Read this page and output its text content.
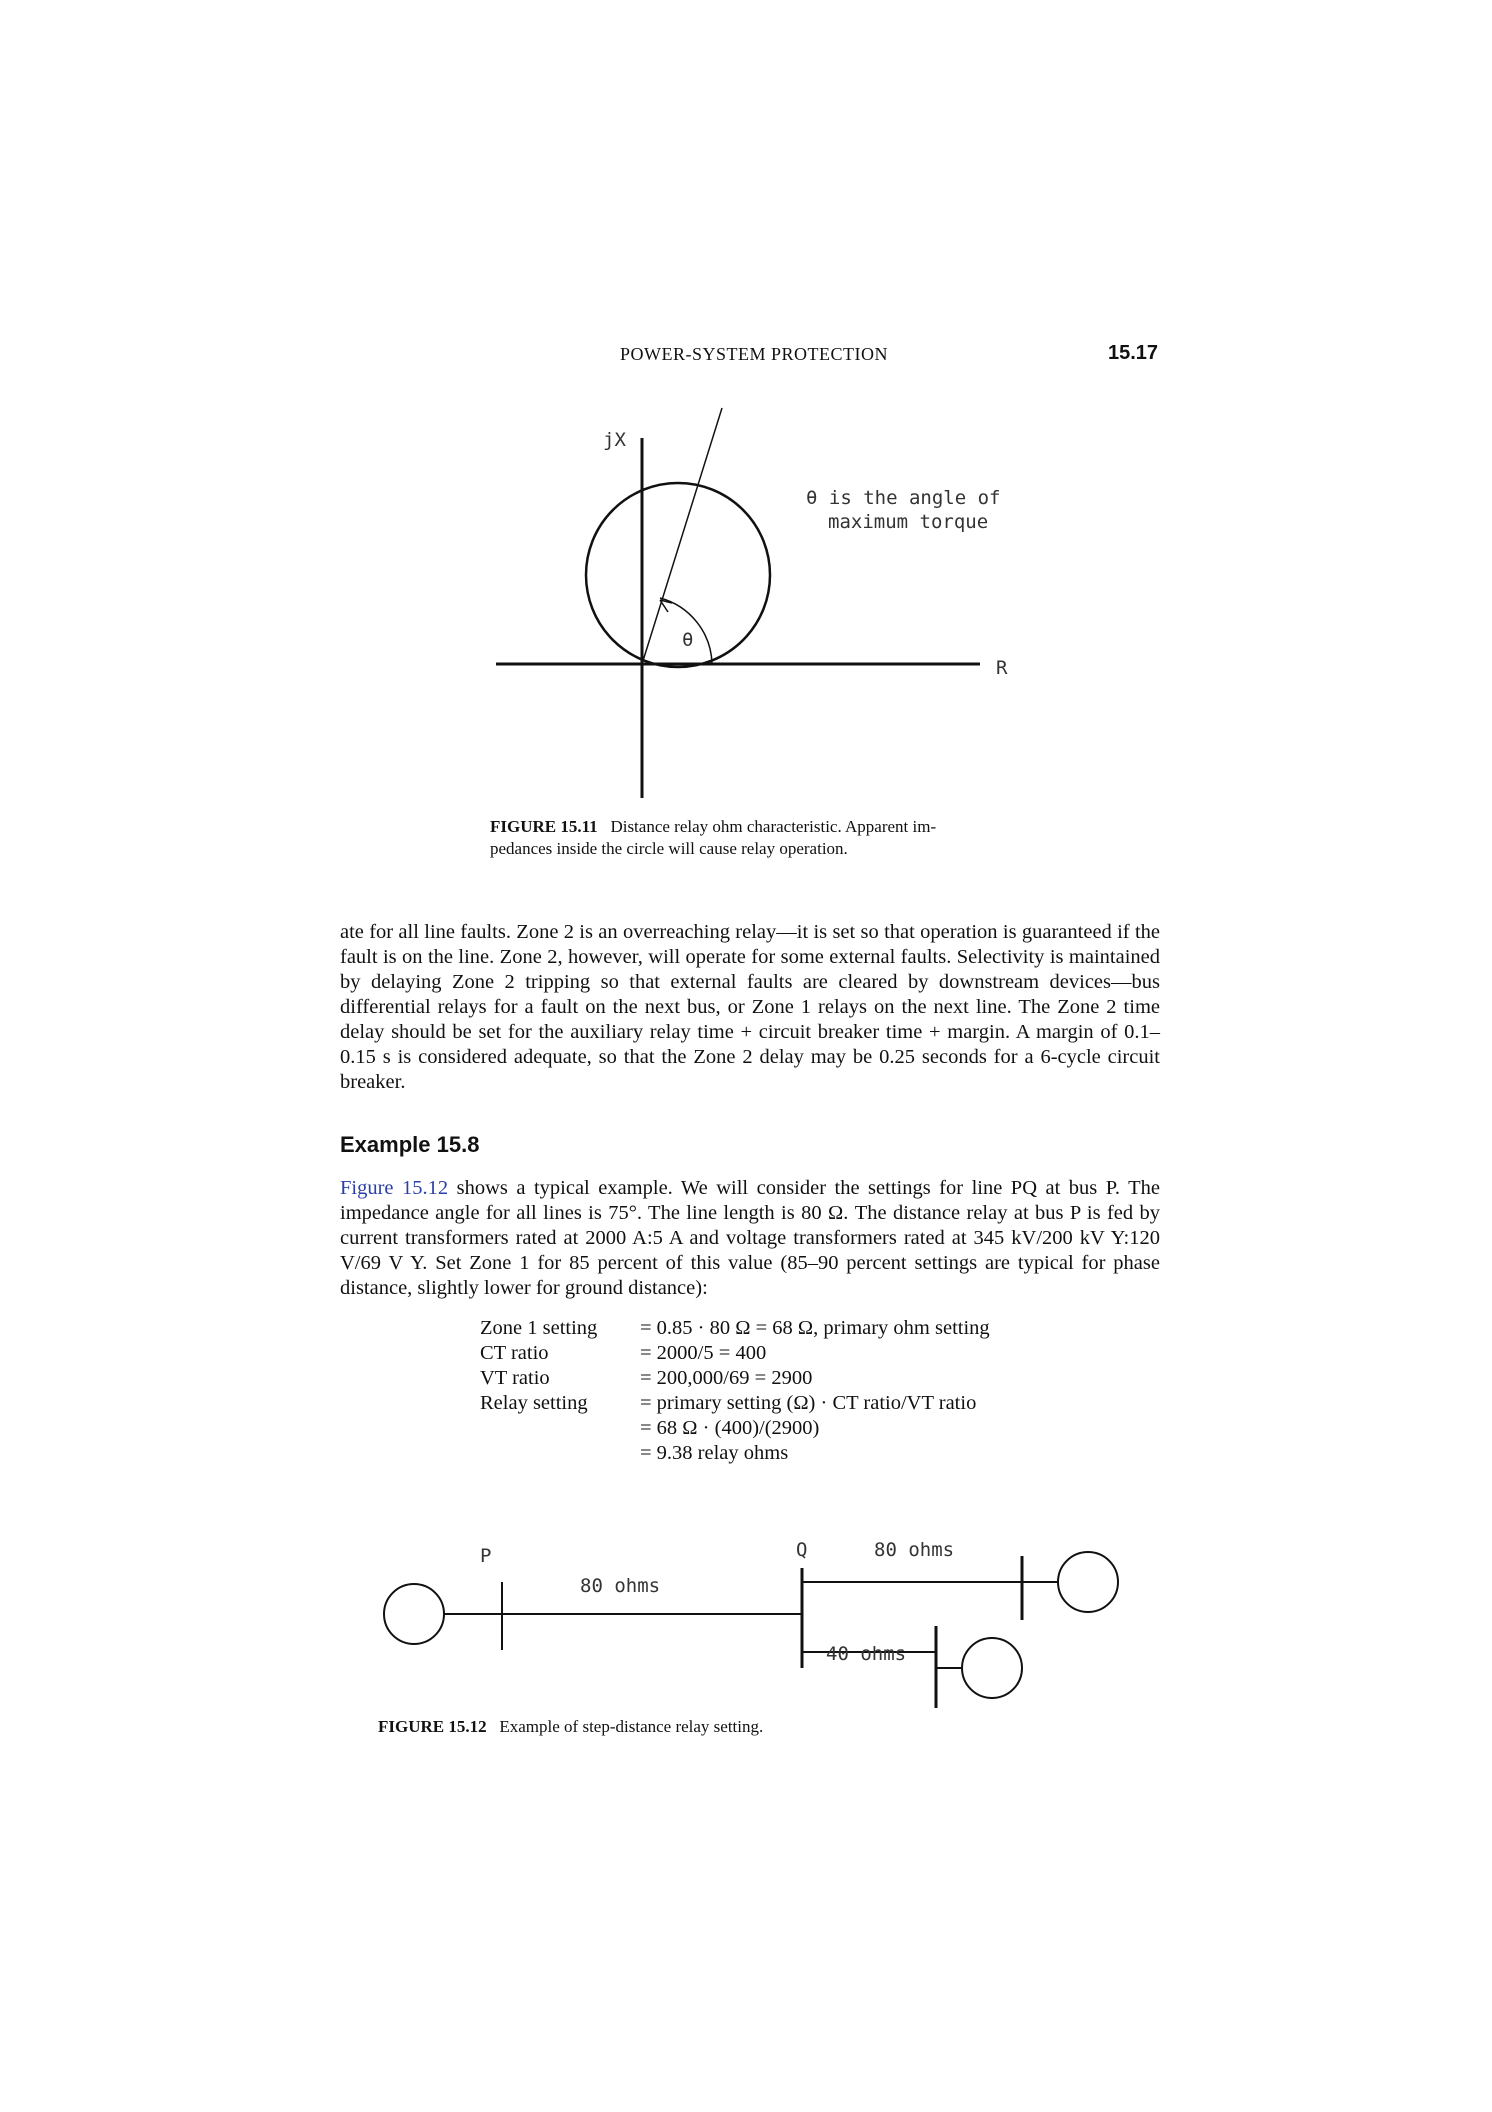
POWER-SYSTEM PROTECTION	15.17
jX
R
θ
θ is the angle of
maximum torque
P	Q
80 ohms
80 ohms
40 ohms
FIGURE 15.11 Distance relay ohm characteristic. Apparent im-
pedances inside the circle will cause relay operation.

ate for all line faults. Zone 2 is an overreaching relay—it is set so that operation is guaranteed if the fault is on the line. Zone 2, however, will operate for some external faults. Selectivity is maintained by delaying Zone 2 tripping so that external faults are cleared by downstream devices—bus differential relays for a fault on the next bus, or Zone 1 relays on the next line. The Zone 2 time delay should be set for the auxiliary relay time + circuit breaker time + margin. A margin of 0.1–0.15 s is considered adequate, so that the Zone 2 delay may be 0.25 seconds for a 6-cycle circuit breaker.

Example 15.8

Figure 15.12 shows a typical example. We will consider the settings for line PQ at bus P. The impedance angle for all lines is 75°. The line length is 80 Ω. The distance relay at bus P is fed by current transformers rated at 2000 A:5 A and voltage transformers rated at 345 kV/200 kV Y:120 V/69 V Y. Set Zone 1 for 85 percent of this value (85–90 percent settings are typical for phase distance, slightly lower for ground distance):

Zone 1 setting	= 0.85 · 80 Ω = 68 Ω, primary ohm setting
CT ratio	= 2000/5 = 400
VT ratio	= 200,000/69 = 2900
Relay setting	= primary setting (Ω) · CT ratio/VT ratio
	= 68 Ω · (400)/(2900)
	= 9.38 relay ohms
FIGURE 15.12 Example of step-distance relay setting.
